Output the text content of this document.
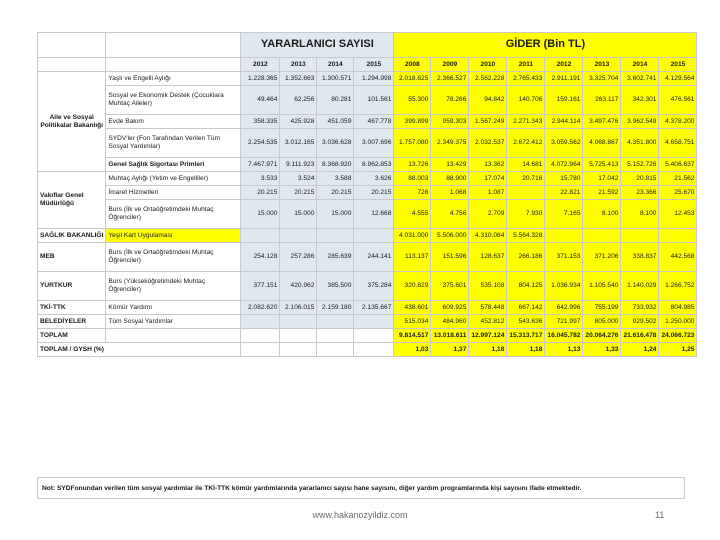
		YARARLANICI SAYISI				GİDER (Bin TL)							
		2012	2013	2014	2015	2008	2009	2010	2011	2012	2013	2014	2015
Aile ve Sosyal Politikalar Bakanlığı	Yaşlı ve Engelli Aylığı	1.228.365	1.352.663	1.300.571	1.294.998	2.018.625	2.366.527	2.562.228	2.765.433	2.911.191	3.325.704	3.602.741	4.129.564
	Sosyal ve Ekonomik Destek (Çocuklara Muhtaç Aileler)	49.464	62.256	80.281	101.561	55.300	78.266	94.842	140.706	159.161	263.117	342.301	476.561
	Evde Bakım	358.335	425.928	451.059	467.778	399.899	959.303	1.567.249	2.271.343	2.944.114	3.497.476	3.962.549	4.378.200
	SYDV'ler (Fon Tarafından Verilen Tüm Sosyal Yardımlar)	2.254.535	3.012.165	3.036.628	3.007.696	1.757.080	2.349.375	2.032.537	2.672.412	3.059.562	4.068.867	4.351.800	4.658.751
	Genel Sağlık Sigortası Primleri	7.467.971	9.111.923	8.368.920	8.962.853	13.726	13.429	13.362	14.681	4.072.964	5.725.413	5.152.726	5.406.637
Vakıflar Genel Müdürlüğü	Muhtaç Aylığı (Yetim ve Engelliler)	3.533	3.524	3.588	3.626	88.003	88.900	17.074	20.716	15.780	17.042	20.815	21.562
	İmaret Hizmetleri	20.215	20.215	20.215	20.215	726	1.068	1.087		22.821	21.592	23.366	25.670
	Burs (İlk ve Ortaöğretimdeki Muhtaç Öğrenciler)	15.000	15.000	15.000	12.668	4.555	4.756	2.709	7.930	7.165	8.100	8.100	12.453
SAĞLIK BAKANLIĞI	Yeşil Kart Uygulaması					4.031.000	5.506.000	4.310.084	5.564.328				
MEB	Burs (İlk ve Ortaöğretimdeki Muhtaç Öğrenciler)	254.128	257.286	285.639	244.141	113.137	151.596	128.637	266.186	371.153	371.206	338.837	442.568
YURTKUR	Burs (Yükseköğretimdeki Muhtaç Öğrenciler)	377.151	420.962	385.500	375.284	320.829	375.601	535.108	804.125	1.036.934	1.105.540	1.140.029	1.266.752
TKİ-TTK	Kömür Yardımı	2.082.620	2.106.015	2.159.180	2.135.667	438.601	609.925	578.448	667.142	642.996	755.199	733.932	804.985
BELEDİYELER	Tüm Sosyal Yardımlar					515.034	484.960	452.812	543.636	721.997	805.000	929.502	1.250.000
TOPLAM						9.814.517	13.018.611	12.997.124	15.313.717	16.045.782	20.064.276	21.616.478	24.066.723
TOPLAM / GYSH (%)						1,03	1,37	1,18	1,18	1,13	1,33	1,24	1,25
Not: SYDFonundan verilen tüm sosyal yardımlar ile TKİ-TTK kömür yardımlarında yararlanıcı sayısı hane sayısını, diğer yardım programlarında kişi sayısını ifade etmektedir.
www.hakanozyildiz.com	11
